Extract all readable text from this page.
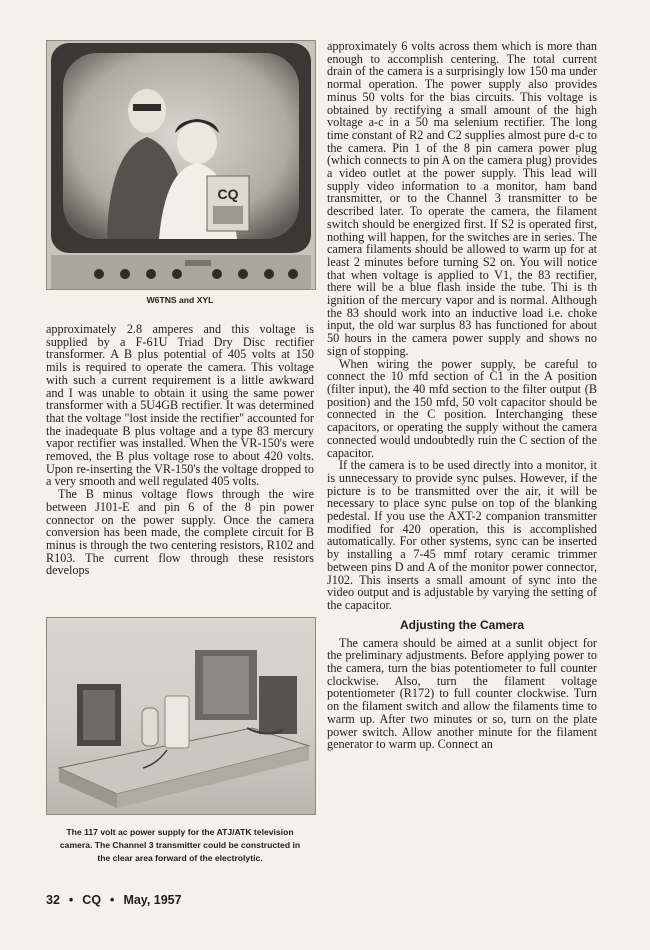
CQ
W6TNS and XYL

approximately 2.8 amperes and this voltage is supplied by a F-61U Triad Dry Disc rectifier transformer. A B plus potential of 405 volts at 150 mils is required to operate the camera. This voltage with such a current requirement is a little awkward and I was unable to obtain it using the same power transformer with a 5U4GB rectifier. It was determined that the voltage "lost inside the rectifier" accounted for the inadequate B plus voltage and a type 83 mercury vapor rectifier was installed. When the VR-150's were removed, the B plus voltage rose to about 420 volts. Upon re-inserting the VR-150's the voltage dropped to a very smooth and well regulated 405 volts.

The B minus voltage flows through the wire between J101-E and pin 6 of the 8 pin power connector on the power supply. Once the camera conversion has been made, the complete circuit for B minus is through the two centering resistors, R102 and R103. The current flow through these resistors develops

The 117 volt ac power supply for the ATJ/ATK television camera. The Channel 3 transmitter could be constructed in the clear area forward of the electrolytic.

approximately 6 volts across them which is more than enough to accomplish centering. The total current drain of the camera is a surprisingly low 150 ma under normal operation. The power supply also provides minus 50 volts for the bias circuits. This voltage is obtained by rectifying a small amount of the high voltage a-c in a 50 ma selenium rectifier. The long time constant of R2 and C2 supplies almost pure d-c to the camera. Pin 1 of the 8 pin camera power plug (which connects to pin A on the camera plug) provides a video outlet at the power supply. This lead will supply video information to a monitor, ham band transmitter, or to the Channel 3 transmitter to be described later. To operate the camera, the filament switch should be energized first. If S2 is operated first, nothing will happen, for the switches are in series. The camera filaments should be allowed to warm up for at least 2 minutes before turning S2 on. You will notice that when voltage is applied to V1, the 83 rectifier, there will be a blue flash inside the tube. Thi is th ignition of the mercury vapor and is normal. Although the 83 should work into an inductive load i.e. choke input, the old war surplus 83 has functioned for about 50 hours in the camera power supply and shows no sign of stopping.

When wiring the power supply, be careful to connect the 10 mfd section of C1 in the A position (filter input), the 40 mfd section to the filter output (B position) and the 150 mfd, 50 volt capacitor should be connected in the C position. Interchanging these capacitors, or operating the supply without the camera connected would undoubtedly ruin the C section of the capacitor.

If the camera is to be used directly into a monitor, it is unnecessary to provide sync pulses. However, if the picture is to be transmitted over the air, it will be necessary to place sync pulse on top of the blanking pedestal. If you use the AXT-2 companion transmitter modified for 420 operation, this is accomplished automatically. For other systems, sync can be inserted by installing a 7-45 mmf rotary ceramic trimmer between pins D and A of the monitor power connector, J102. This inserts a small amount of sync into the video output and is adjustable by varying the setting of the capacitor.

Adjusting the Camera

The camera should be aimed at a sunlit object for the preliminary adjustments. Before applying power to the camera, turn the bias potentiometer to full counter clockwise. Also, turn the filament voltage potentiometer (R172) to full counter clockwise. Turn on the filament switch and allow the filaments time to warm up. After two minutes or so, turn on the plate power switch. Allow another minute for the filament generator to warm up. Connect an

32 • CQ • May, 1957
